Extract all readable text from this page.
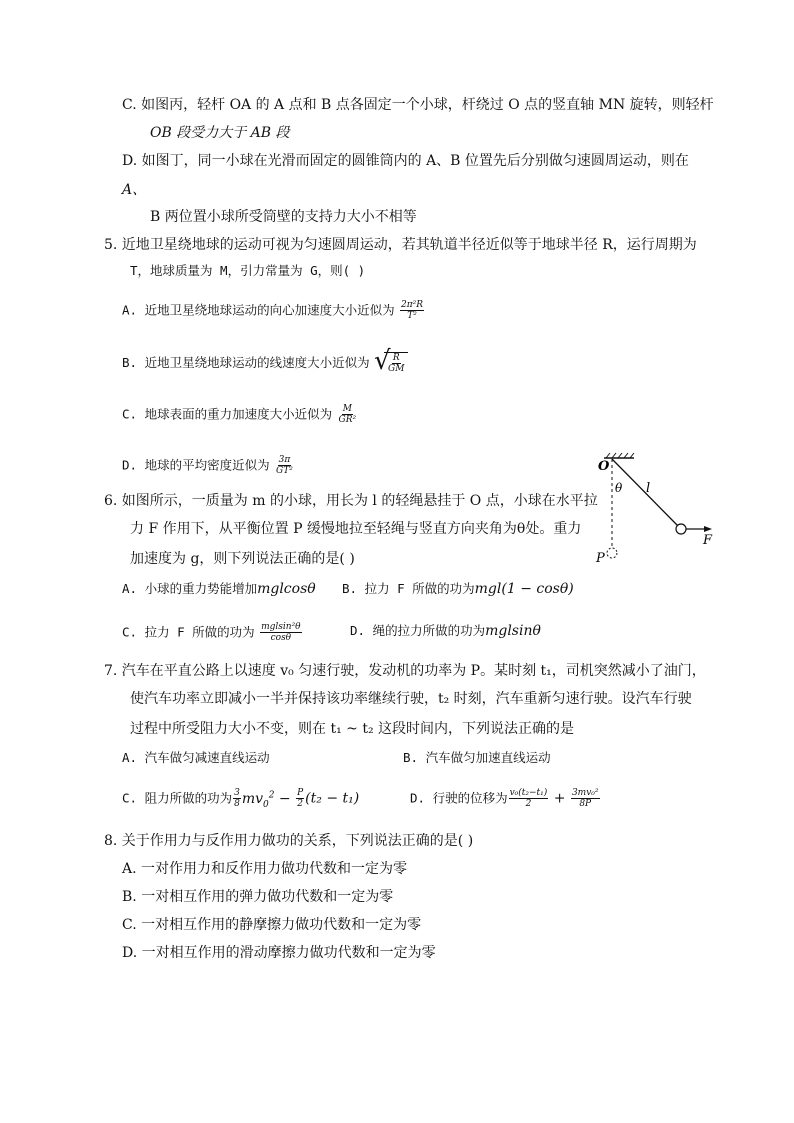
C. 如图丙，轻杆 OA 的 A 点和 B 点各固定一个小球，杆绕过 O 点的竖直轴 MN 旋转，则轻杆
OB 段受力大于 AB 段
D. 如图丁，同一小球在光滑而固定的圆锥筒内的 A、B 位置先后分别做匀速圆周运动，则在
A、
B 两位置小球所受筒壁的支持力大小不相等
5. 近地卫星绕地球的运动可视为匀速圆周运动，若其轨道半径近似等于地球半径 R，运行周期为
T，地球质量为 M，引力常量为 G，则( )
A. 近地卫星绕地球运动的向心加速度大小近似为 $\frac{\text{2π²R}}{\text{T²}}$
B. 近地卫星绕地球运动的线速度大小近似为 √
$\frac{R}{GM}$
C. 地球表面的重力加速度大小近似为 $\frac{M}{\text{GR²}}$
D. 地球的平均密度近似为 $\frac{3\pi}{\text{GT²}}$	O
θ l
F
P
6. 如图所示，一质量为 m 的小球，用长为 l 的轻绳悬挂于 O 点，小球在水平拉
力 F 作用下，从平衡位置 P 缓慢地拉至轻绳与竖直方向夹角为θ处。重力
加速度为 g，则下列说法正确的是( )
A. 小球的重力势能增加mglcosθ B. 拉力 F 所做的功为mgl(1 − cosθ)
C. 拉力 F 所做的功为 $\frac{\text{mglsin²θ}}{\cos\theta}$	D. 绳的拉力所做的功为mglsinθ
7. 汽车在平直公路上以速度 v₀ 匀速行驶，发动机的功率为 P。某时刻 t₁，司机突然减小了油门，
使汽车功率立即减小一半并保持该功率继续行驶，t₂ 时刻，汽车重新匀速行驶。设汽车行驶
过程中所受阻力大小不变，则在 t₁ ~ t₂ 这段时间内，下列说法正确的是
A. 汽车做匀减速直线运动	B. 汽车做匀加速直线运动
C. 阻力所做的功为 $\frac{3}{8} mv_0^2 - \frac{P}{2} (t_2 - t_1)$	D. 行驶的位移为 $\frac{\text{v₀(t₂−t₁)}}{2} + \frac{\text{3mv₀²}}{8P}$
8. 关于作用力与反作用力做功的关系，下列说法正确的是( )
A. 一对作用力和反作用力做功代数和一定为零
B. 一对相互作用的弹力做功代数和一定为零
C. 一对相互作用的静摩擦力做功代数和一定为零
D. 一对相互作用的滑动摩擦力做功代数和一定为零
